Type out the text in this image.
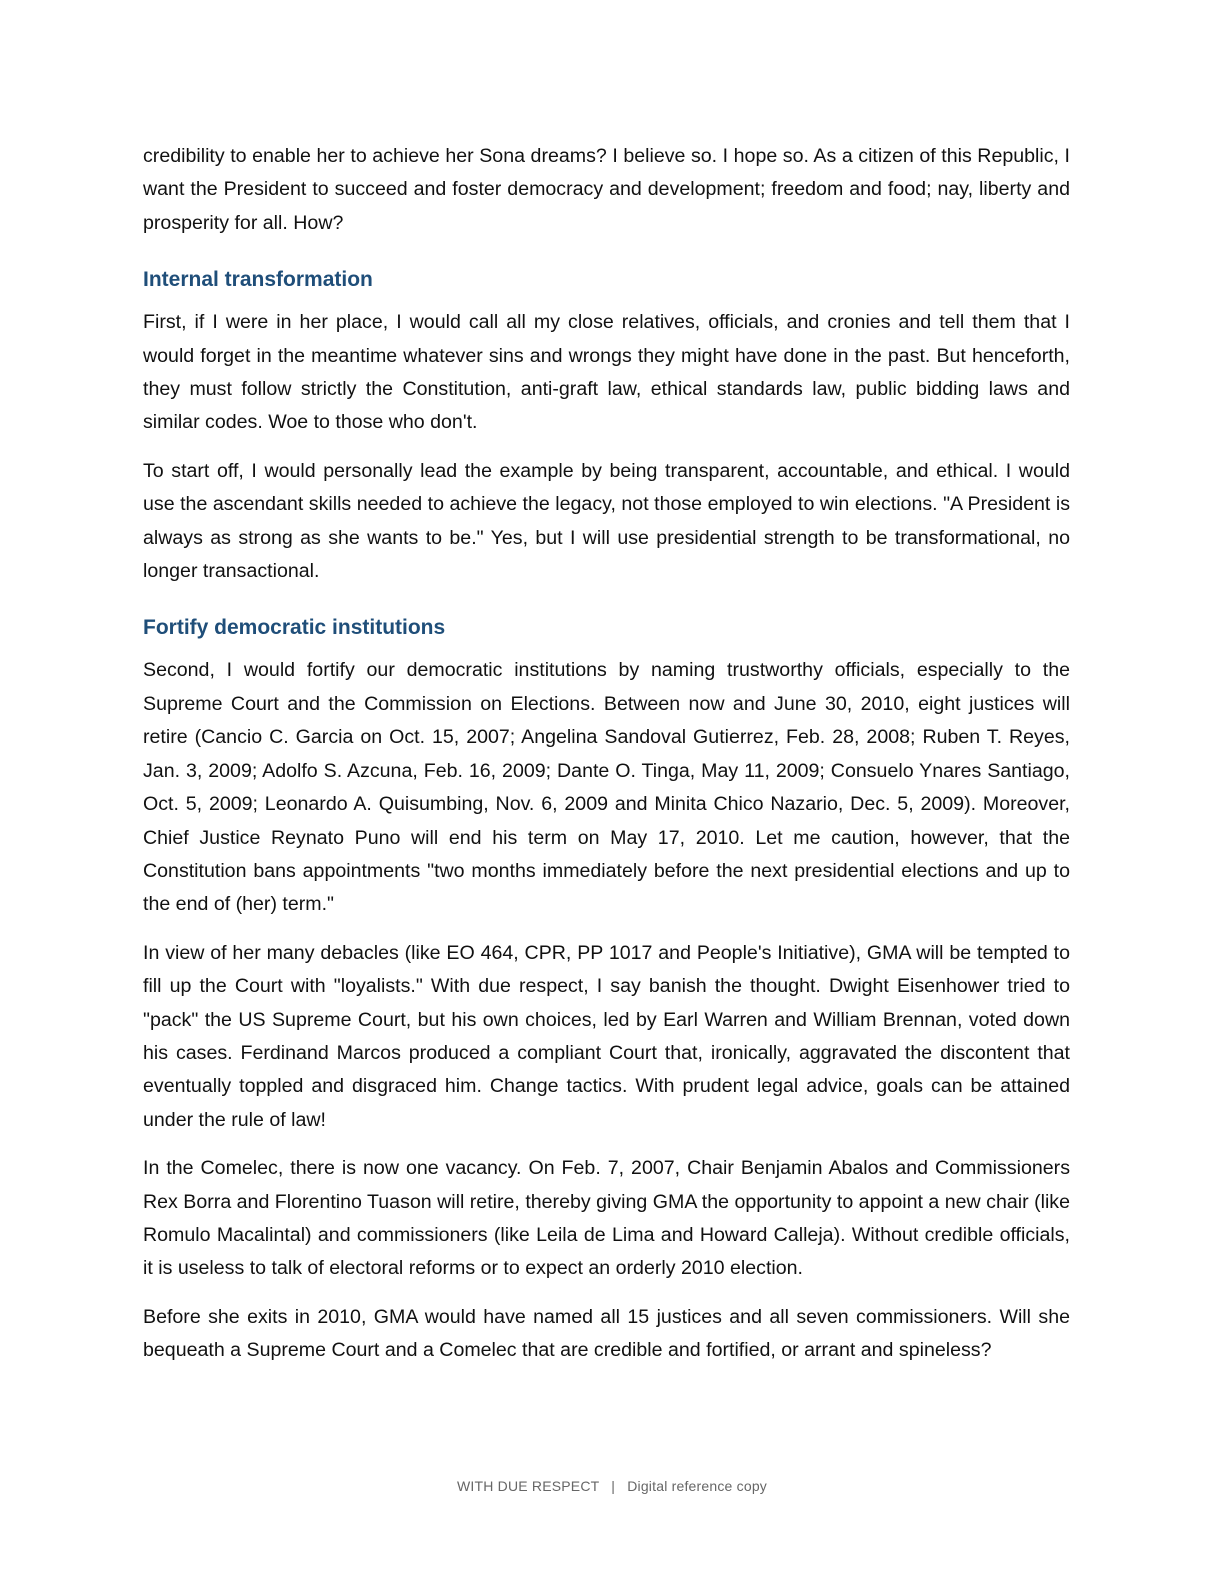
credibility to enable her to achieve her Sona dreams? I believe so. I hope so. As a citizen of this Republic, I want the President to succeed and foster democracy and development; freedom and food; nay, liberty and prosperity for all. How?

Internal transformation

First, if I were in her place, I would call all my close relatives, officials, and cronies and tell them that I would forget in the meantime whatever sins and wrongs they might have done in the past. But henceforth, they must follow strictly the Constitution, anti-graft law, ethical standards law, public bidding laws and similar codes. Woe to those who don't.

To start off, I would personally lead the example by being transparent, accountable, and ethical. I would use the ascendant skills needed to achieve the legacy, not those employed to win elections. "A President is always as strong as she wants to be." Yes, but I will use presidential strength to be transformational, no longer transactional.

Fortify democratic institutions

Second, I would fortify our democratic institutions by naming trustworthy officials, especially to the Supreme Court and the Commission on Elections. Between now and June 30, 2010, eight justices will retire (Cancio C. Garcia on Oct. 15, 2007; Angelina Sandoval Gutierrez, Feb. 28, 2008; Ruben T. Reyes, Jan. 3, 2009; Adolfo S. Azcuna, Feb. 16, 2009; Dante O. Tinga, May 11, 2009; Consuelo Ynares Santiago, Oct. 5, 2009; Leonardo A. Quisumbing, Nov. 6, 2009 and Minita Chico Nazario, Dec. 5, 2009). Moreover, Chief Justice Reynato Puno will end his term on May 17, 2010. Let me caution, however, that the Constitution bans appointments "two months immediately before the next presidential elections and up to the end of (her) term."

In view of her many debacles (like EO 464, CPR, PP 1017 and People's Initiative), GMA will be tempted to fill up the Court with "loyalists." With due respect, I say banish the thought. Dwight Eisenhower tried to "pack" the US Supreme Court, but his own choices, led by Earl Warren and William Brennan, voted down his cases. Ferdinand Marcos produced a compliant Court that, ironically, aggravated the discontent that eventually toppled and disgraced him. Change tactics. With prudent legal advice, goals can be attained under the rule of law!

In the Comelec, there is now one vacancy. On Feb. 7, 2007, Chair Benjamin Abalos and Commissioners Rex Borra and Florentino Tuason will retire, thereby giving GMA the opportunity to appoint a new chair (like Romulo Macalintal) and commissioners (like Leila de Lima and Howard Calleja). Without credible officials, it is useless to talk of electoral reforms or to expect an orderly 2010 election.

Before she exits in 2010, GMA would have named all 15 justices and all seven commissioners. Will she bequeath a Supreme Court and a Comelec that are credible and fortified, or arrant and spineless?

WITH DUE RESPECT | Digital reference copy
